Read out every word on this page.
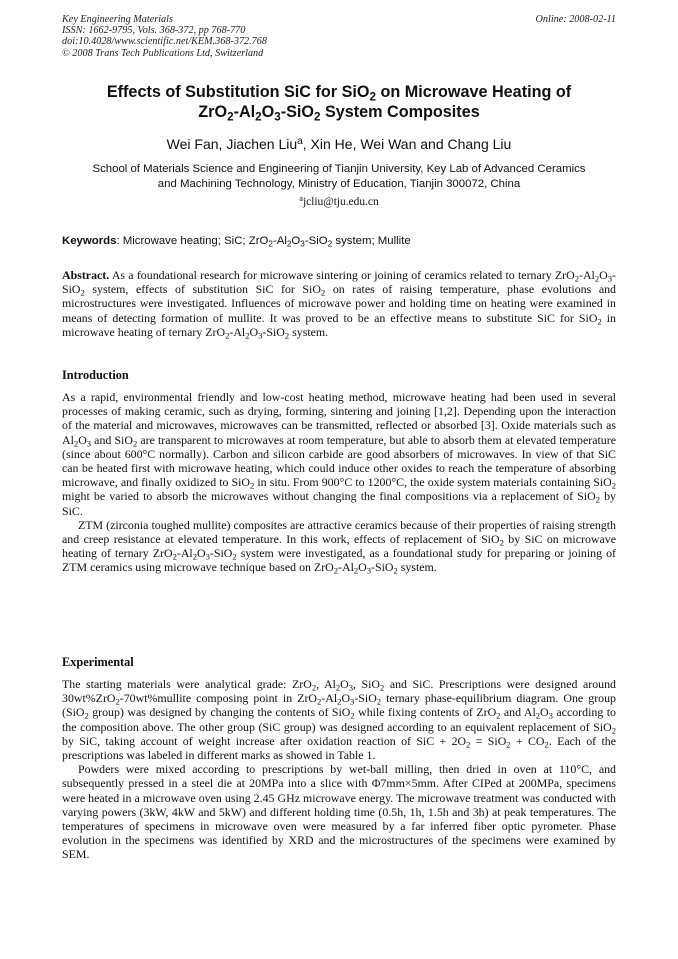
Key Engineering Materials
ISSN: 1662-9795, Vols. 368-372, pp 768-770
doi:10.4028/www.scientific.net/KEM.368-372.768
© 2008 Trans Tech Publications Ltd, Switzerland
Online: 2008-02-11
Effects of Substitution SiC for SiO$_2$ on Microwave Heating of
$ZrO_2-Al_2O_3-SiO_2$ System Composites
Wei Fan, Jiachen Liu$^a$, Xin He, Wei Wan and Chang Liu
School of Materials Science and Engineering of Tianjin University, Key Lab of Advanced Ceramics
and Machining Technology, Ministry of Education, Tianjin 300072, China
$^a$jcliu@tju.edu.cn
Keywords: Microwave heating; SiC; $ZrO_2-Al_2O_3-SiO_2$ system; Mullite

Abstract. As a foundational research for microwave sintering or joining of ceramics related to ternary $ZrO_2-Al_2O_3-SiO_2$ system, effects of substitution SiC for SiO$_2$ on rates of raising temperature, phase evolutions and microstructures were investigated. Influences of microwave power and holding time on heating were examined in means of detecting formation of mullite. It was proved to be an effective means to substitute SiC for SiO$_2$ in microwave heating of ternary $ZrO_2-Al_2O_3-SiO_2$ system.

Introduction

As a rapid, environmental friendly and low-cost heating method, microwave heating had been used in several processes of making ceramic, such as drying, forming, sintering and joining [1,2]. Depending upon the interaction of the material and microwaves, microwaves can be transmitted, reflected or absorbed [3]. Oxide materials such as $Al_2O_3$ and SiO$_2$ are transparent to microwaves at room temperature, but able to absorb them at elevated temperature (since about 600°C normally). Carbon and silicon carbide are good absorbers of microwaves. In view of that SiC can be heated first with microwave heating, which could induce other oxides to reach the temperature of absorbing microwave, and finally oxidized to SiO$_2$ in situ. From 900°C to 1200°C, the oxide system materials containing SiO$_2$ might be varied to absorb the microwaves without changing the final compositions via a replacement of SiO$_2$ by SiC.

ZTM (zirconia toughed mullite) composites are attractive ceramics because of their properties of raising strength and creep resistance at elevated temperature. In this work, effects of replacement of SiO$_2$ by SiC on microwave heating of ternary $ZrO_2-Al_2O_3-SiO_2$ system were investigated, as a foundational study for preparing or joining of ZTM ceramics using microwave technique based on $ZrO_2-Al_2O_3-SiO_2$ system.

Experimental

The starting materials were analytical grade: ZrO$_2$, $Al_2O_3$, SiO$_2$ and SiC. Prescriptions were designed around 30wt%ZrO$_2$-70wt%mullite composing point in $ZrO_2-Al_2O_3-SiO_2$ ternary phase-equilibrium diagram. One group (SiO$_2$ group) was designed by changing the contents of SiO$_2$ while fixing contents of ZrO$_2$ and $Al_2O_3$ according to the composition above. The other group (SiC group) was designed according to an equivalent replacement of SiO$_2$ by SiC, taking account of weight increase after oxidation reaction of SiC + $2O_2 = SiO_2 + CO_2$. Each of the prescriptions was labeled in different marks as showed in Table 1.

Powders were mixed according to prescriptions by wet-ball milling, then dried in oven at 110°C, and subsequently pressed in a steel die at 20MPa into a slice with Φ7mm×5mm. After CIPed at 200MPa, specimens were heated in a microwave oven using 2.45 GHz microwave energy. The microwave treatment was conducted with varying powers (3kW, 4kW and 5kW) and different holding time (0.5h, 1h, 1.5h and 3h) at peak temperatures. The temperatures of specimens in microwave oven were measured by a far inferred fiber optic pyrometer. Phase evolution in the specimens was identified by XRD and the microstructures of the specimens were examined by SEM.
